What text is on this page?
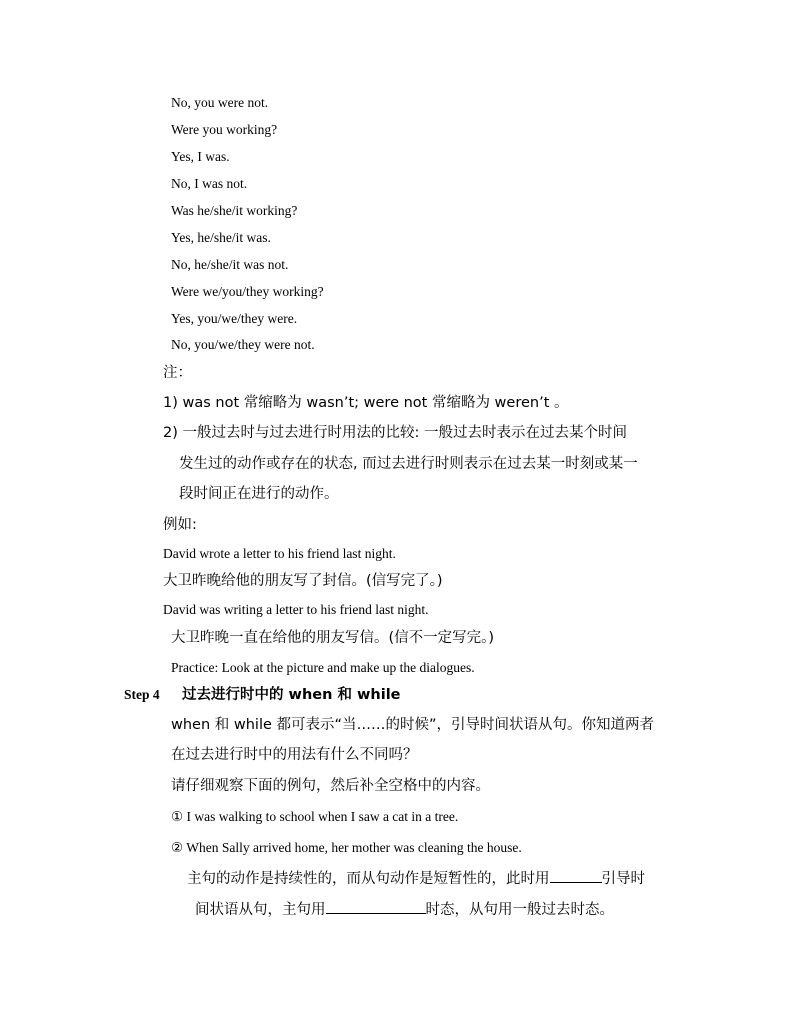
No, you were not.
Were you working?
Yes, I was.
No, I was not.
Was he/she/it working?
Yes, he/she/it was.
No, he/she/it was not.
Were we/you/they working?
Yes, you/we/they were.
No, you/we/they were not.
注：
1) was not 常缩略为 wasn’t; were not 常缩略为 weren’t 。
2) 一般过去时与过去进行时用法的比较: 一般过去时表示在过去某个时间
发生过的动作或存在的状态, 而过去进行时则表示在过去某一时刻或某一
段时间正在进行的动作。
例如:
David wrote a letter to his friend last night.
大卫昨晚给他的朋友写了封信。(信写完了。)
David was writing a letter to his friend last night.
大卫昨晚一直在给他的朋友写信。(信不一定写完。)
Practice: Look at the picture and make up the dialogues.
Step 4 过去进行时中的 when 和 while
when 和 while 都可表示“当……的时候”，引导时间状语从句。你知道两者
在过去进行时中的用法有什么不同吗？
请仔细观察下面的例句，然后补全空格中的内容。
① I was walking to school when I saw a cat in a tree.
② When Sally arrived home, her mother was cleaning the house.
主句的动作是持续性的，而从句动作是短暂性的，此时用	引导时
间状语从句，主句用	时态，从句用一般过去时态。
